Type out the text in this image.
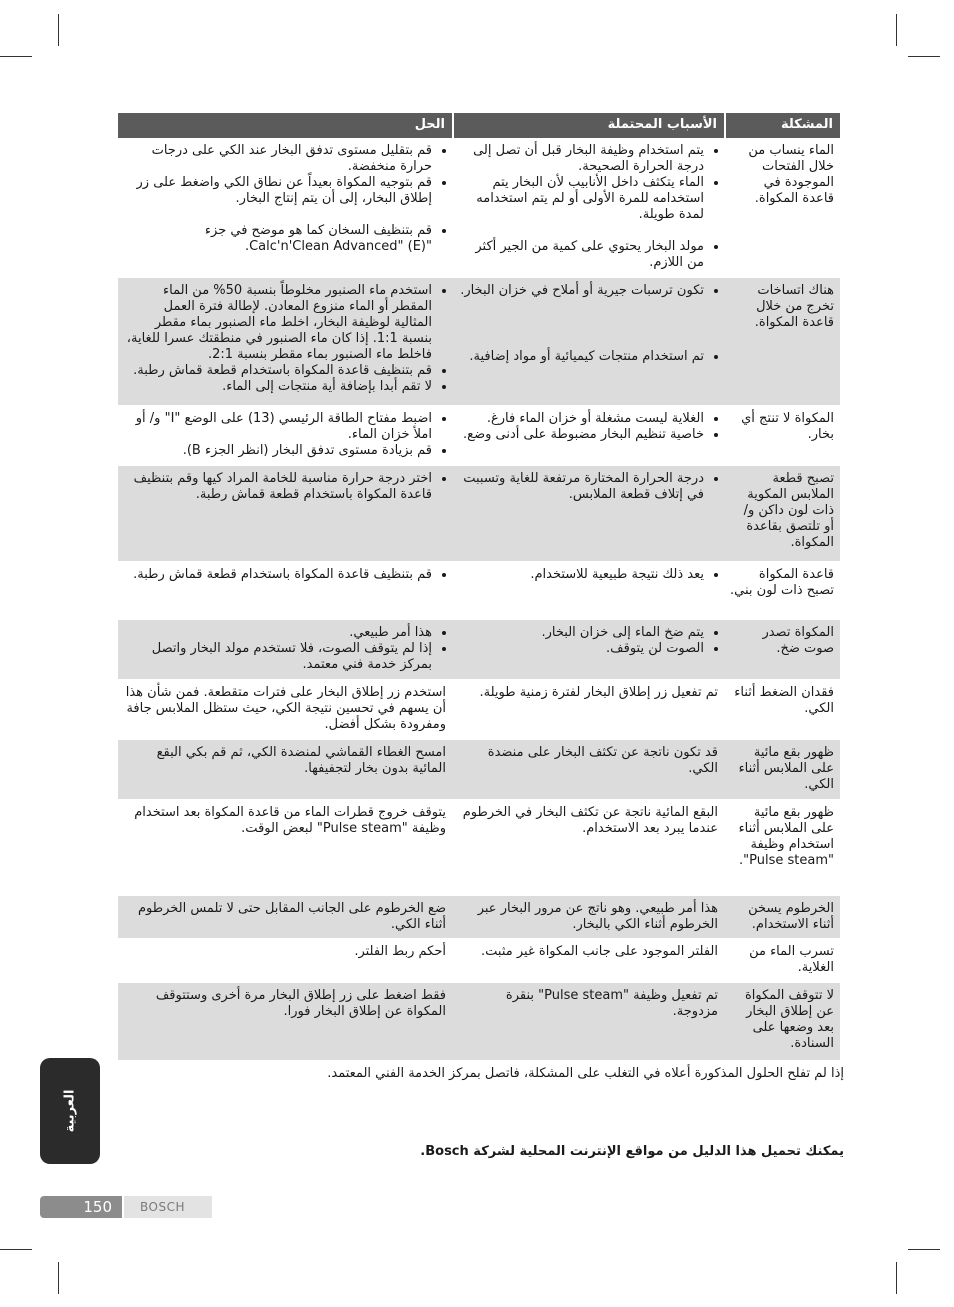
المشكلة
الأسباب المحتملة
الحل
الماء ينساب من خلال الفتحات الموجودة في قاعدة المكواة.
• يتم استخدام وظيفة البخار قبل أن تصل إلى درجة الحرارة الصحيحة.
• الماء يتكثف داخل الأنابيب لأن البخار يتم استخدامه للمرة الأولى أو لم يتم استخدامه لمدة طويلة.
• مولد البخار يحتوي على كمية من الجير أكثر من اللازم.
• قم بتقليل مستوى تدفق البخار عند الكي على درجات حرارة منخفضة.
• قم بتوجيه المكواة بعيداً عن نطاق الكي واضغط على زر إطلاق البخار، إلى أن يتم إنتاج البخار.
• قم بتنظيف السخان كما هو موضح في جزء "Calc'n'Clean Advanced" (E).
هناك اتساخات تخرج من خلال قاعدة المكواة.
• تكون ترسبات جيرية أو أملاح في خزان البخار.
• تم استخدام منتجات كيميائية أو مواد إضافية.
• استخدم ماء الصنبور مخلوطاً بنسبة 50% من الماء المقطر أو الماء منزوع المعادن. لإطالة فترة العمل المثالية لوظيفة البخار، اخلط ماء الصنبور بماء مقطر بنسبة 1:1. إذا كان ماء الصنبور في منطقتك عسرا للغاية، فاخلط ماء الصنبور بماء مقطر بنسبة 2:1.
• قم بتنظيف قاعدة المكواة باستخدام قطعة قماش رطبة.
• لا تقم أبدا بإضافة أية منتجات إلى الماء.
المكواة لا تنتج أي بخار.
• الغلاية ليست مشغلة أو خزان الماء فارغ.
• خاصية تنظيم البخار مضبوطة على أدنى وضع.
• اضبط مفتاح الطاقة الرئيسي (13) على الوضع "I" و/ أو املأ خزان الماء.
• قم بزيادة مستوى تدفق البخار (انظر الجزء B).
تصبح قطعة الملابس المكوية ذات لون داكن و/ أو تلتصق بقاعدة المكواة.
• درجة الحرارة المختارة مرتفعة للغاية وتسببت في إتلاف قطعة الملابس.
• اختر درجة حرارة مناسبة للخامة المراد كيها وقم بتنظيف قاعدة المكواة باستخدام قطعة قماش رطبة.
قاعدة المكواة تصبح ذات لون بني.
• يعد ذلك نتيجة طبيعية للاستخدام.
• قم بتنظيف قاعدة المكواة باستخدام قطعة قماش رطبة.
المكواة تصدر صوت ضخ.
• يتم ضخ الماء إلى خزان البخار.
• الصوت لن يتوقف.
• هذا أمر طبيعي.
• إذا لم يتوقف الصوت، فلا تستخدم مولد البخار واتصل بمركز خدمة فني معتمد.
فقدان الضغط أثناء الكي.

تم تفعيل زر إطلاق البخار لفترة زمنية طويلة.

استخدم زر إطلاق البخار على فترات متقطعة. فمن شأن هذا أن يسهم في تحسين نتيجة الكي، حيث ستظل الملابس جافة ومفرودة بشكل أفضل.

ظهور بقع مائية على الملابس أثناء الكي.

قد تكون ناتجة عن تكثف البخار على منضدة الكي.

امسح الغطاء القماشي لمنضدة الكي، ثم قم بكي البقع المائية بدون بخار لتجفيفها.

ظهور بقع مائية على الملابس أثناء استخدام وظيفة "Pulse steam".

البقع المائية ناتجة عن تكثف البخار في الخرطوم عندما يبرد بعد الاستخدام.

يتوقف خروج قطرات الماء من قاعدة المكواة بعد استخدام وظيفة "Pulse steam" لبعض الوقت.

الخرطوم يسخن أثناء الاستخدام.

هذا أمر طبيعي. وهو ناتج عن مرور البخار عبر الخرطوم أثناء الكي بالبخار.

ضع الخرطوم على الجانب المقابل حتى لا تلمس الخرطوم أثناء الكي.

تسرب الماء من الغلاية.

الفلتر الموجود على جانب المكواة غير مثبت.

أحكم ربط الفلتر.

لا تتوقف المكواة عن إطلاق البخار بعد وضعها على السنادة.

تم تفعيل وظيفة "Pulse steam" بنقرة مزدوجة.

فقط اضغط على زر إطلاق البخار مرة أخرى وستتوقف المكواة عن إطلاق البخار فورا.

إذا لم تفلح الحلول المذكورة أعلاه في التغلب على المشكلة، فاتصل بمركز الخدمة الفني المعتمد.
يمكنك تحميل هذا الدليل من مواقع الإنترنت المحلية لشركة Bosch.
العربية
150	BOSCH
